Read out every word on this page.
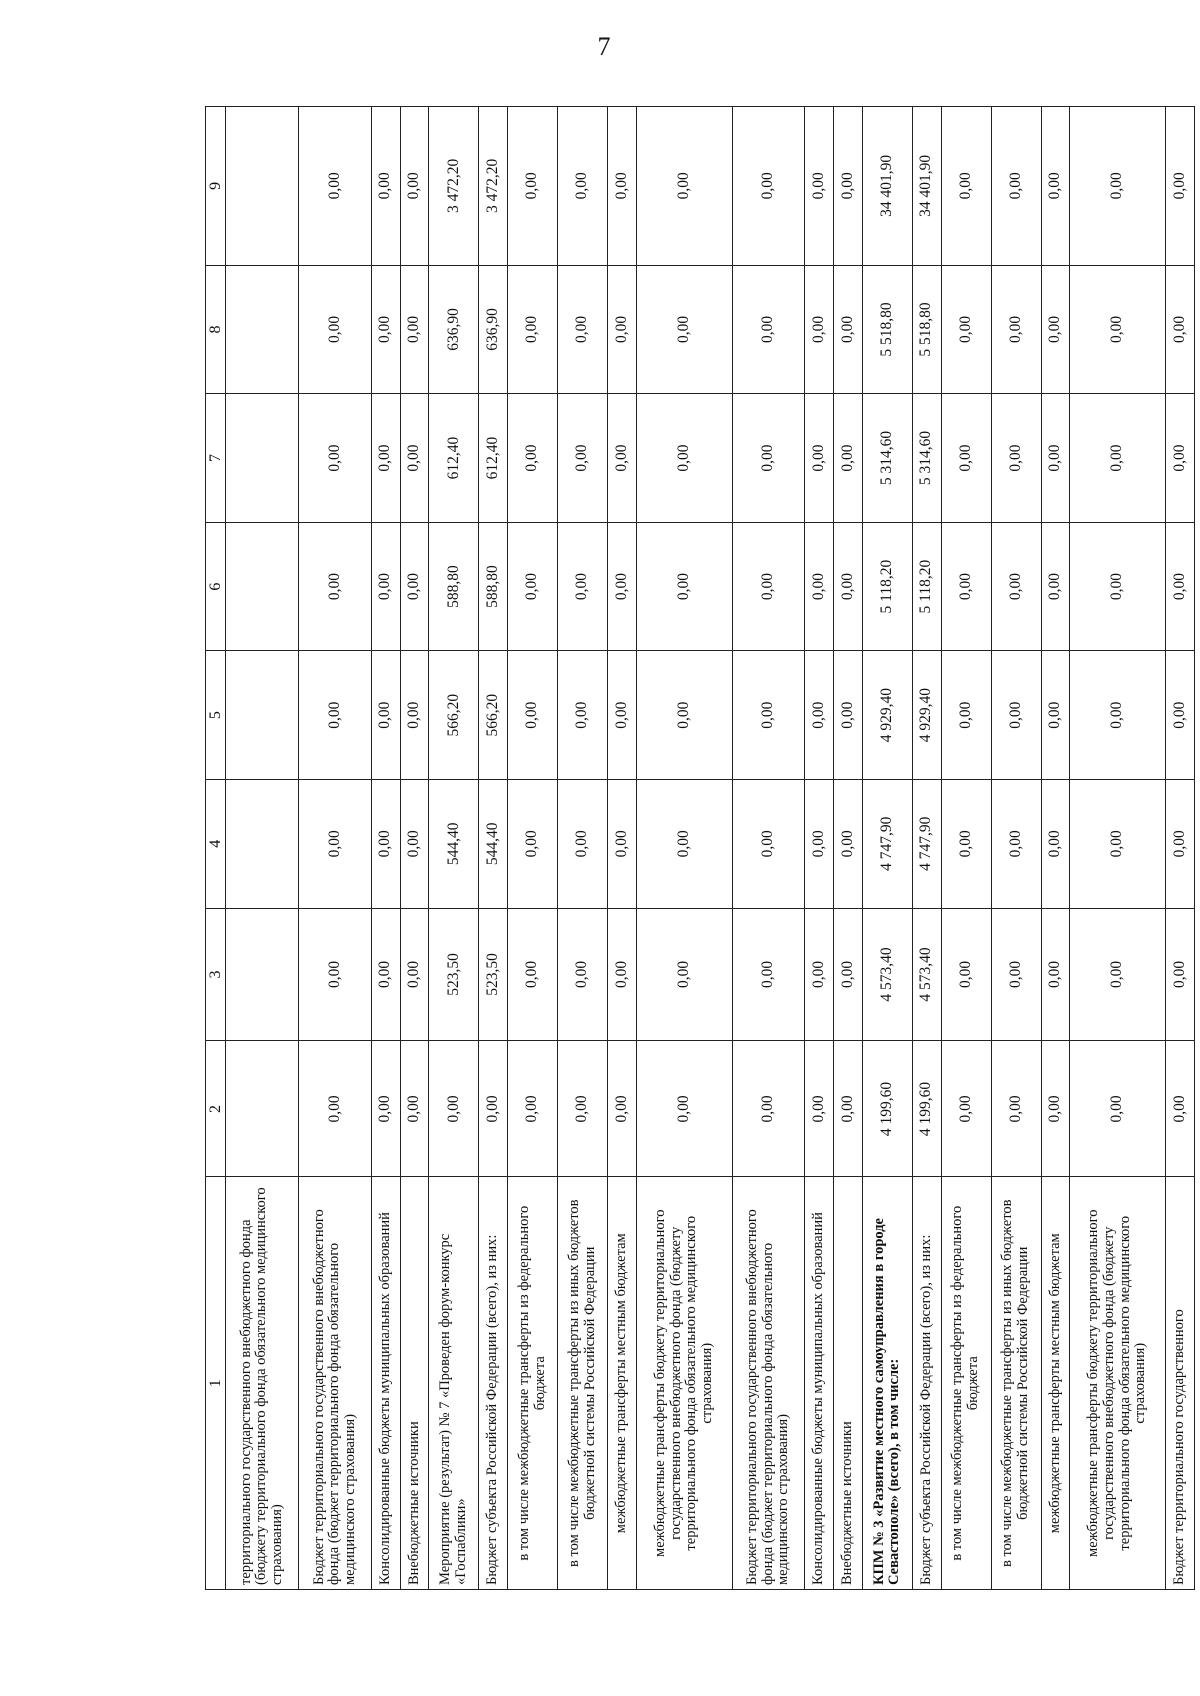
7
1	2	3	4	5	6	7	8	9
территориального государственного внебюджетного фонда (бюджету территориального фонда обязательного медицинского страхования)								
Бюджет территориального государственного внебюджетного фонда (бюджет территориального фонда обязательного медицинского страхования)	0,00	0,00	0,00	0,00	0,00	0,00	0,00	0,00
Консолидированные бюджеты муниципальных образований	0,00	0,00	0,00	0,00	0,00	0,00	0,00	0,00
Внебюджетные источники	0,00	0,00	0,00	0,00	0,00	0,00	0,00	0,00
Мероприятие (результат) № 7 «Проведен форум-конкурс «Госпаблики»	0,00	523,50	544,40	566,20	588,80	612,40	636,90	3 472,20
Бюджет субъекта Российской Федерации (всего), из них:	0,00	523,50	544,40	566,20	588,80	612,40	636,90	3 472,20
в том числе межбюджетные трансферты из федерального бюджета	0,00	0,00	0,00	0,00	0,00	0,00	0,00	0,00
в том числе межбюджетные трансферты из иных бюджетов бюджетной системы Российской Федерации	0,00	0,00	0,00	0,00	0,00	0,00	0,00	0,00
межбюджетные трансферты местным бюджетам	0,00	0,00	0,00	0,00	0,00	0,00	0,00	0,00
межбюджетные трансферты бюджету территориального государственного внебюджетного фонда (бюджету территориального фонда обязательного медицинского страхования)	0,00	0,00	0,00	0,00	0,00	0,00	0,00	0,00
Бюджет территориального государственного внебюджетного фонда (бюджет территориального фонда обязательного медицинского страхования)	0,00	0,00	0,00	0,00	0,00	0,00	0,00	0,00
Консолидированные бюджеты муниципальных образований	0,00	0,00	0,00	0,00	0,00	0,00	0,00	0,00
Внебюджетные источники	0,00	0,00	0,00	0,00	0,00	0,00	0,00	0,00
КПМ № 3 «Развитие местного самоуправления в городе Севастополе» (всего), в том числе:	4 199,60	4 573,40	4 747,90	4 929,40	5 118,20	5 314,60	5 518,80	34 401,90
Бюджет субъекта Российской Федерации (всего), из них:	4 199,60	4 573,40	4 747,90	4 929,40	5 118,20	5 314,60	5 518,80	34 401,90
в том числе межбюджетные трансферты из федерального бюджета	0,00	0,00	0,00	0,00	0,00	0,00	0,00	0,00
в том числе межбюджетные трансферты из иных бюджетов бюджетной системы Российской Федерации	0,00	0,00	0,00	0,00	0,00	0,00	0,00	0,00
межбюджетные трансферты местным бюджетам	0,00	0,00	0,00	0,00	0,00	0,00	0,00	0,00
межбюджетные трансферты бюджету территориального государственного внебюджетного фонда (бюджету территориального фонда обязательного медицинского страхования)	0,00	0,00	0,00	0,00	0,00	0,00	0,00	0,00
Бюджет территориального государственного	0,00	0,00	0,00	0,00	0,00	0,00	0,00	0,00
